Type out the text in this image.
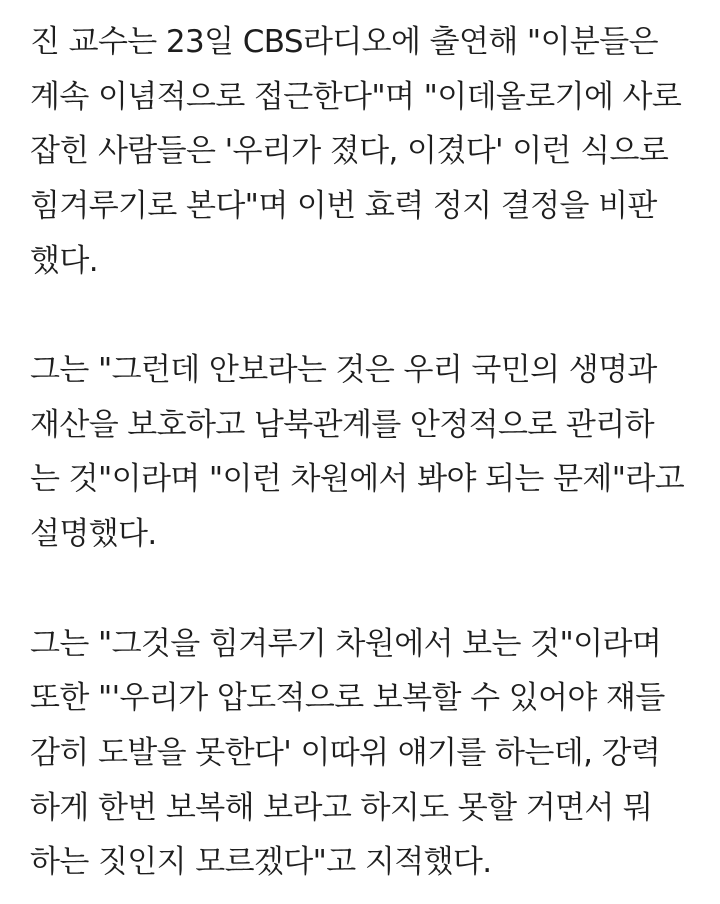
진 교수는 23일 CBS라디오에 출연해 "이분들은
계속 이념적으로 접근한다"며 "이데올로기에 사로
잡힌 사람들은 '우리가 졌다, 이겼다' 이런 식으로
힘겨루기로 본다"며 이번 효력 정지 결정을 비판
했다.
그는 "그런데 안보라는 것은 우리 국민의 생명과
재산을 보호하고 남북관계를 안정적으로 관리하
는 것"이라며 "이런 차원에서 봐야 되는 문제"라고
설명했다.
그는 "그것을 힘겨루기 차원에서 보는 것"이라며
또한 "'우리가 압도적으로 보복할 수 있어야 쟤들
감히 도발을 못한다' 이따위 얘기를 하는데, 강력
하게 한번 보복해 보라고 하지도 못할 거면서 뭐
하는 짓인지 모르겠다"고 지적했다.
